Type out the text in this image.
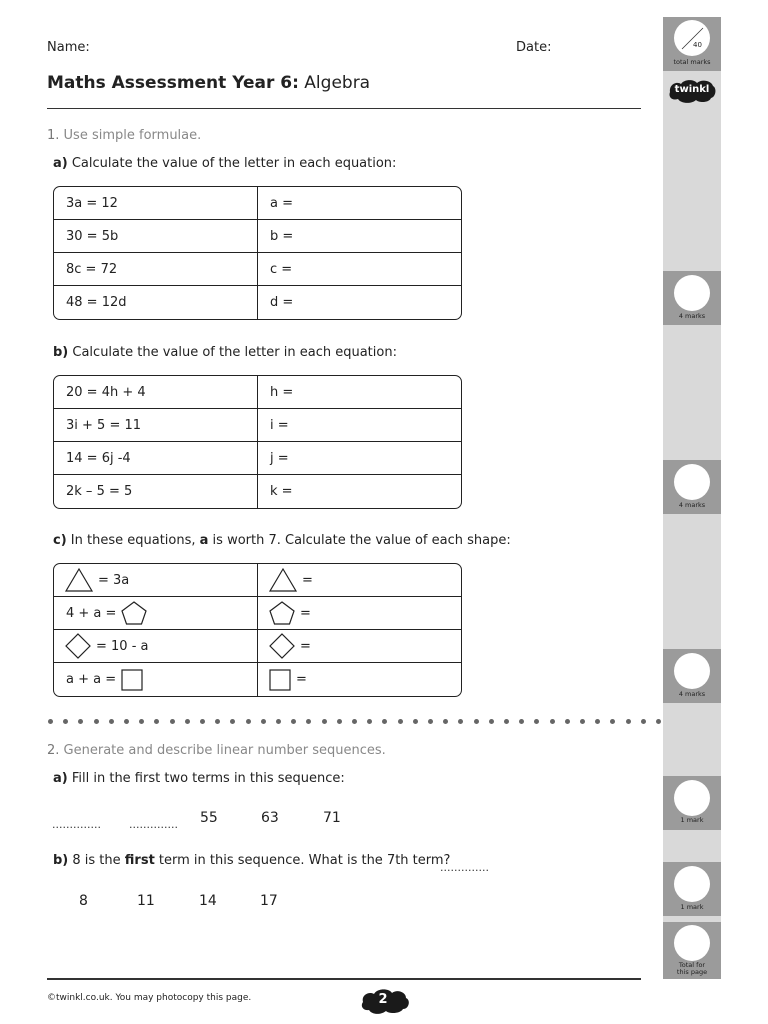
Name:	Date:
Maths Assessment Year 6: Algebra
1. Use simple formulae.
a) Calculate the value of the letter in each equation:
3a = 12	a =
30 = 5b	b =
8c = 72	c =
48 = 12d	d =
b) Calculate the value of the letter in each equation:
20 = 4h + 4	h =
3i + 5 = 11	i =
14 = 6j -4	j =
2k – 5 = 5	k =
c) In these equations, a is worth 7. Calculate the value of each shape:
= 3a	=

4 + a =	=

= 10 - a	=

a + a =	=
2. Generate and describe linear number sequences.
a) Fill in the first two terms in this sequence:
..............	.............. 55	63	71
b) 8 is the first term in this sequence. What is the 7th term?
..............
8	11	14	17
40
total marks
twinkl
4 marks
4 marks
4 marks
1 mark
1 mark
Total for
this page
©twinkl.co.uk. You may photocopy this page.	2
